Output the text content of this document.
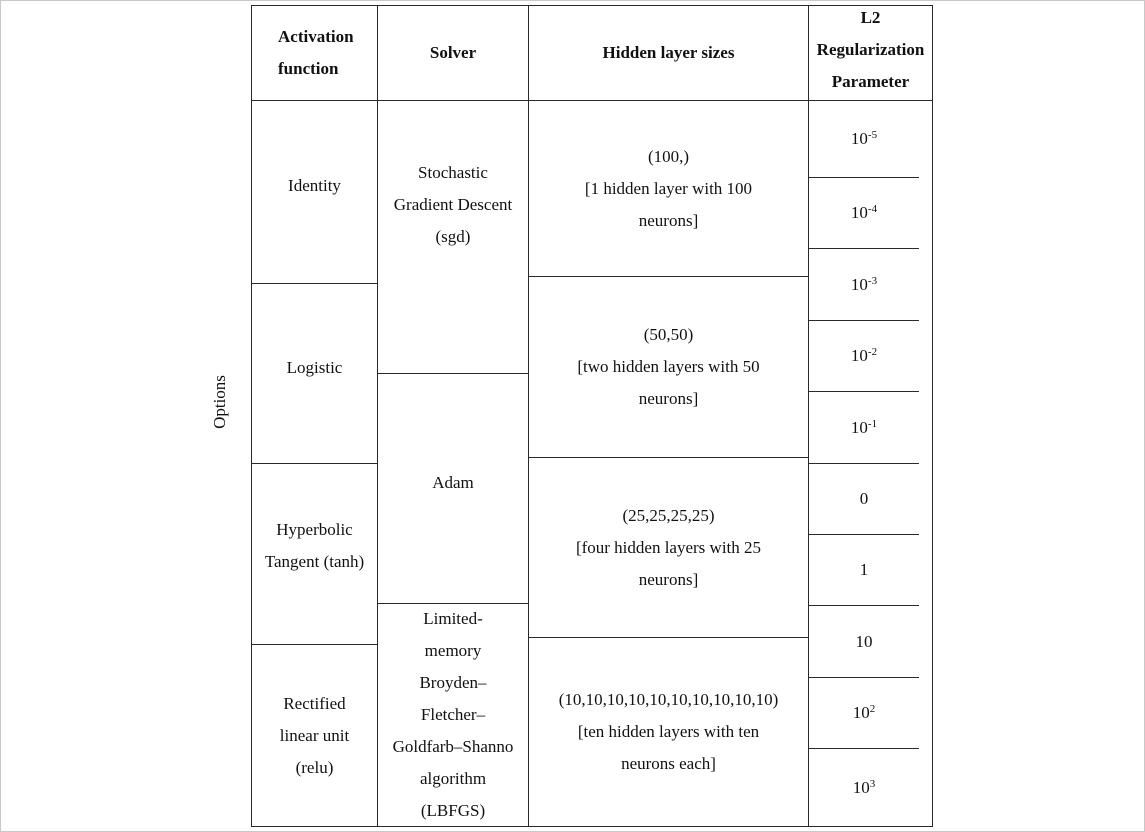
Options
Activation
function
Solver	Hidden layer sizes
L2
Regularization
Parameter
Identity
Logistic
Hyperbolic
Tangent (tanh)
Rectified
linear unit
(relu)
Stochastic
Gradient Descent
(sgd)
Adam
Limited-
memory
Broyden–
Fletcher–
Goldfarb–Shanno
algorithm
(LBFGS)
(100,)
[1 hidden layer with 100
neurons]
(50,50)
[two hidden layers with 50
neurons]
(25,25,25,25)
[four hidden layers with 25
neurons]
(10,10,10,10,10,10,10,10,10,10)
[ten hidden layers with ten
neurons each]
$10^{-5}$
$10^{-4}$
$10^{-3}$
$10^{-2}$
$10^{-1}$
0
1
10
$10^2$
$10^3$
